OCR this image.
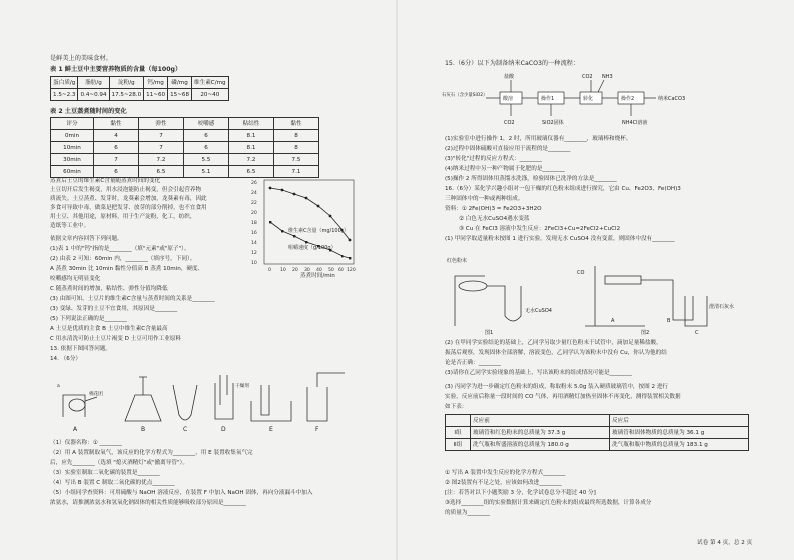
是鲜美上的美味食材。
表 1 鲜土豆中主要营养物质的含量（每100g）
蛋白质/g	脂肪/g	淀粉/g	钙/mg	磷/mg	维生素C/mg
1.5~2.3	0.4~0.94	17.5~28.0	11~60	15~68	20~40
表 2 土豆蒸煮随时间的变化
评分	黏性	弹性	咬嚼感	粘结性	黏性
0min	4	7	6	8.1	8
10min	6	7	6	8.1	8
30min	7	7.2	5.5	7.2	7.5
60min	6	6.5	5.1	6.5	7.1
蒸煮后土豆的维生素C含量随蒸煮时间的变化
土豆切开后发生褐变，用水浸泡能防止褐变，但会引起营养物
质流失。土豆蒸煮、发芽时，龙葵素会增加，龙葵素有毒，因此
多食可导致中毒，做菜是把发芽、放芽的部分削掉，也不宜食用
用土豆、其他用途，原材料，用于生产淀粉，化工，纺织，
造纸等工业中。
26
24
22
20
18
16
14
12
10
0 10 20 30 40 50 60 120
蒸煮时间/min
维生素C含量（mg/100g）
咀嚼速度（g/100g）
依据文章内容回答下列问题。
(1)表 1 中的"钙"指的是________（填"元素"或"原子"）。
(2) 由表 2 可知：60min 内，________（填序号，下同）。
A 蒸煮 30min 比 10min 黏性分值高 B 蒸煮 10min，硬度、
咬嚼感均无明显变化
C 随蒸煮时间的增加，粘结性、弹性分值均降低
(3) 由图可知，土豆片的维生素C含量与蒸煮时间的关系是________
(3) 变绿、发芽的土豆不宜食用，其原因是________
(5) 下列说法正确的是________
A 土豆是优质的主食 B 土豆中维生素C含量最高
C 用水清洗可防止土豆片褐变 D 土豆可用作工业原料
13. 依据下图回答问题。
14. （6分）
A	B	C	D	E	F
棉花团
干燥剂
a
（1）仪器名称：① ________
（2）用 A 装置制取氧气，该反应的化学方程式为________，用 E 装置收集氧气完
后，应先________（选填 "熄灭酒精灯"或"撤离导管"）。
（3）实验室制取二氧化碳的装置是________
（4）写出 B 装置 C 制取二氧化碳的优点________
（5）小组同学查资料：可用硫酸与 NaOH 溶液反应，在装置 F 中加入 NaOH 固体，再向分液漏斗中加入
浓氨水，请推测浓氨水和氢氧化钠固体的相关性质能够吸收部分原因是________
15.（6分）以下为制备纳米CaCO3的一种流程：
盐酸	CO2 NH3
石灰石（含少量SiO2）
酸溶	操作1	转化	操作2	纳米CaCO3
CO2	SiO2固体	NH4Cl溶液
(1)实验室中进行操作 1，2 时，所用玻璃仪器有________，玻璃棒和烧杯。
(2)过程中固体硫酸可直接应用于流程的是________
(3)"转化"过程的反应方程式：________
(4)纳米过程中另一种产物属于化肥的是________
(5)操作 2 所得固体用蒸馏水洗涤，检验固体已洗净的方法是________
16.（6分）某化学兴趣小组对一包干燥的红色粉末组成进行探究，它由 Cu、Fe2O3、Fe(OH)3
三种固体中的一种或两种组成。
资料：① 2Fe(OH)3 = Fe2O3+3H2O
② 白色无水CuSO4遇水变蓝
③ Cu 在 FeCl3 溶液中发生反应：2FeCl3+Cu=2FeCl2+CuCl2
(1) 甲同学取适量粉末按图 1 进行实验，发现无水 CuSO4 没有变蓝，则固体中没有________
红色粉末
无水CuSO4
澄清石灰水
图1	图2
A	B
C
CO
(2) 在甲同学实验结论的基础上，乙同学另取少量红色粉末于试管中，滴加足量稀盐酸，
振荡后观察，发现固体全部溶解，溶液变色，乙同学认为该粉末中没有 Cu，你认为他的结
论是否正确：________
(3)请你在乙同学实验现象的基础上，写出该粉末的组成情况可能是________
(3) 丙同学为进一步确定红色粉末的组成，称取粉末 5.0g 装入硬质玻璃管中，按图 2 进行
实验，反应前后称量一段时间的 CO 气体，再用酒精灯加热至固体不再变化，测得装置相关数据
如下表：
	反应前	反应后
Ⅰ组	玻璃管和红色粉末的总质量为 37.3 g	玻璃管和固体物质的总质量为 36.1 g
Ⅱ组	洗气瓶和所盛溶液的总质量为 180.0 g	洗气瓶和瓶中物质的总质量为 183.1 g
① 写出 A 装置中发生反应的化学方程式________
② 图2装置有不足之处，应该如何改进________
[注：若答对以下小题奖励 3 分，化学试卷总分不超过 40 分]
③选择________组的实验数据计算来确定红色粉末的组成最终所选数据，计算各成分
的质量为________
试卷 第 4 页，总 2 页
